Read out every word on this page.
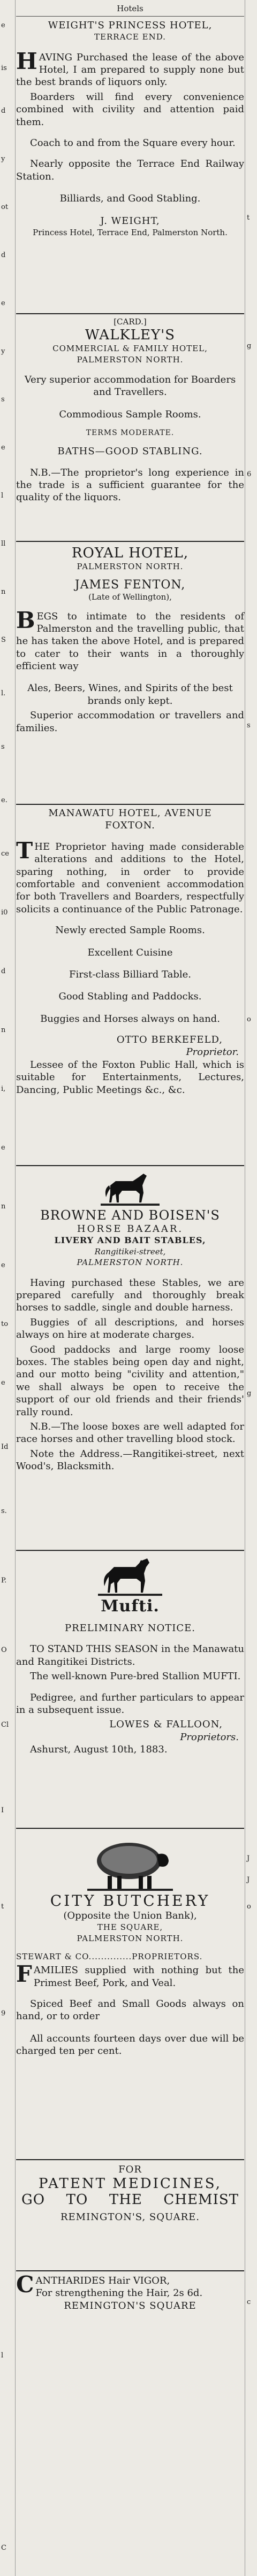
e
is
d
y
ot
d
e
y
s
e
l
ll
n
S
l.
s
e.
ce
i0
d
n
i,
e
n
e
to
e
Id
s.
P.
O
Cl
I
t
9
l
C
t
g
6
s
o
g
J
J
o
c
Hotels
WEIGHT'S PRINCESS HOTEL,
TERRACE END.
HAVING Purchased the lease of the above Hotel, I am prepared to supply none but the best brands of liquors only.
Boarders will find every convenience combined with civility and attention paid them.
Coach to and from the Square every hour.
Nearly opposite the Terrace End Railway Station.
Billiards, and Good Stabling.
J. WEIGHT,
Princess Hotel, Terrace End, Palmerston North.
[CARD.]
WALKLEY'S
COMMERCIAL & FAMILY HOTEL,
PALMERSTON NORTH.
Very superior accommodation for Boarders and Travellers.
Commodious Sample Rooms.
TERMS MODERATE.
BATHS—GOOD STABLING.
N.B.—The proprietor's long experience in the trade is a sufficient guarantee for the quality of the liquors.
ROYAL HOTEL,
PALMERSTON NORTH.
JAMES FENTON,
(Late of Wellington),
BEGS to intimate to the residents of Palmerston and the travelling public, that he has taken the above Hotel, and is prepared to cater to their wants in a thoroughly efficient way
Ales, Beers, Wines, and Spirits of the best brands only kept.
Superior accommodation or travellers and families.
MANAWATU HOTEL, AVENUE
FOXTON.
THE Proprietor having made considerable alterations and additions to the Hotel, sparing nothing, in order to provide comfortable and convenient accommodation for both Travellers and Boarders, respectfully solicits a continuance of the Public Patronage.
Newly erected Sample Rooms.
Excellent Cuisine
First-class Billiard Table.
Good Stabling and Paddocks.
Buggies and Horses always on hand.
OTTO BERKEFELD,
Proprietor.
Lessee of the Foxton Public Hall, which is suitable for Entertainments, Lectures, Dancing, Public Meetings &c., &c.
BROWNE AND BOISEN'S
HORSE BAZAAR.
LIVERY AND BAIT STABLES,
Rangitikei-street,
PALMERSTON NORTH.
Having purchased these Stables, we are prepared carefully and thoroughly break horses to saddle, single and double harness.
Buggies of all descriptions, and horses always on hire at moderate charges.
Good paddocks and large roomy loose boxes. The stables being open day and night, and our motto being "civility and attention," we shall always be open to receive the support of our old friends and their friends' rally round.
N.B.—The loose boxes are well adapted for race horses and other travelling blood stock.
Note the Address.—Rangitikei-street, next Wood's, Blacksmith.
Mufti.
PRELIMINARY NOTICE.
TO STAND THIS SEASON in the Manawatu and Rangitikei Districts.
The well-known Pure-bred Stallion MUFTI.
Pedigree, and further particulars to appear in a subsequent issue.
LOWES & FALLOON,
Proprietors.
Ashurst, August 10th, 1883.
CITY BUTCHERY
(Opposite the Union Bank),
THE SQUARE,
PALMERSTON NORTH.
STEWART & CO..............PROPRIETORS.
FAMILIES supplied with nothing but the Primest Beef, Pork, and Veal.
Spiced Beef and Small Goods always on hand, or to order
All accounts fourteen days over due will be charged ten per cent.
FOR
PATENT MEDICINES,
GO TO THE CHEMIST
REMINGTON'S, SQUARE.
CANTHARIDES Hair VIGOR,
For strengthening the Hair, 2s 6d.
REMINGTON'S SQUARE
